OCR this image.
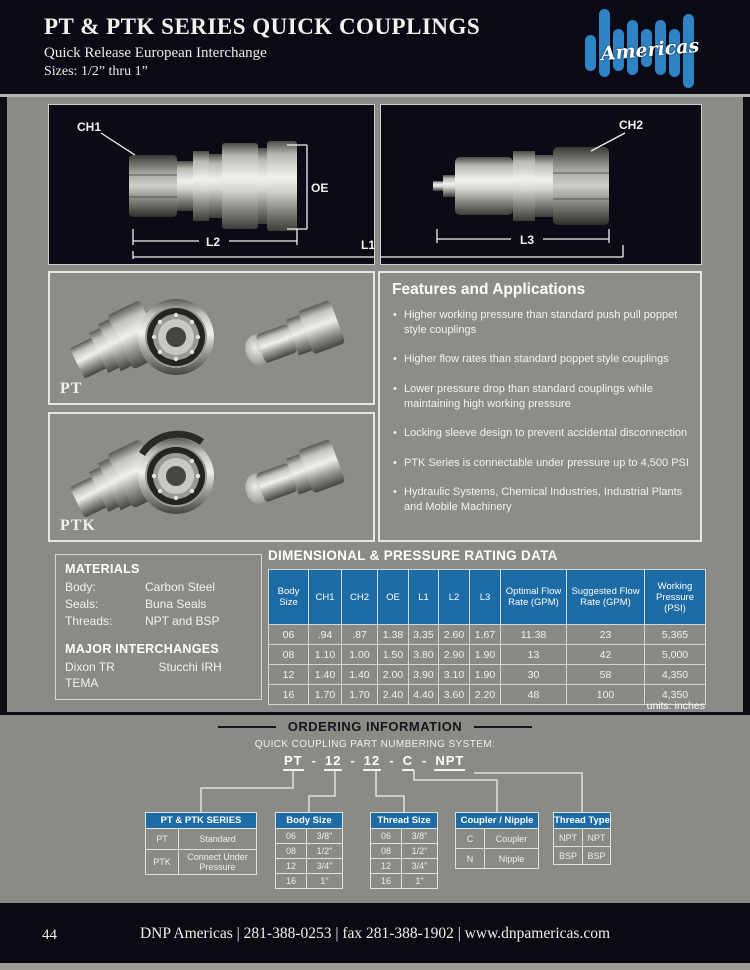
PT & PTK SERIES QUICK COUPLINGS
Quick Release European Interchange
Sizes: 1/2” thru 1”
Americas
CH1
OE
L2
CH2
L3
L1
PT
PTK
Features and Applications
• Higher working pressure than standard push pull poppet style couplings
• Higher flow rates than standard poppet style couplings
• Lower pressure drop than standard couplings while maintaining high working pressure
• Locking sleeve design to prevent accidental disconnection
• PTK Series is connectable under pressure up to 4,500 PSI
• Hydraulic Systems, Chemical Industries, Industrial Plants and Mobile Machinery
MATERIALS
Body:	Carbon Steel
Seals:	Buna Seals
Threads:	NPT and BSP
MAJOR INTERCHANGES
Dixon TR	Stucchi IRH
TEMA
DIMENSIONAL & PRESSURE RATING DATA
Body Size	CH1	CH2	OE	L1	L2	L3	Optimal Flow Rate (GPM)	Suggested Flow Rate (GPM)	Working Pressure (PSI)
06	.94	.87	1.38	3.35	2.60	1.67	11.38	23	5,365
08	1.10	1.00	1.50	3.80	2.90	1.90	13	42	5,000
12	1.40	1.40	2.00	3.90	3.10	1.90	30	58	4,350
16	1.70	1.70	2.40	4.40	3.60	2.20	48	100	4,350
units: inches
ORDERING INFORMATION
QUICK COUPLING PART NUMBERING SYSTEM:
PT - 12 - 12 - C - NPT
PT & PTK SERIES
PT	Standard
PTK	Connect Under Pressure
Body Size
06	3/8"
08	1/2"
12	3/4"
16	1"
Thread Size
06	3/8"
08	1/2"
12	3/4"
16	1"
Coupler / Nipple
C	Coupler
N	Nipple
Thread Type
NPT	NPT
BSP	BSP
44	DNP Americas | 281-388-0253 | fax 281-388-1902 | www.dnpamericas.com
